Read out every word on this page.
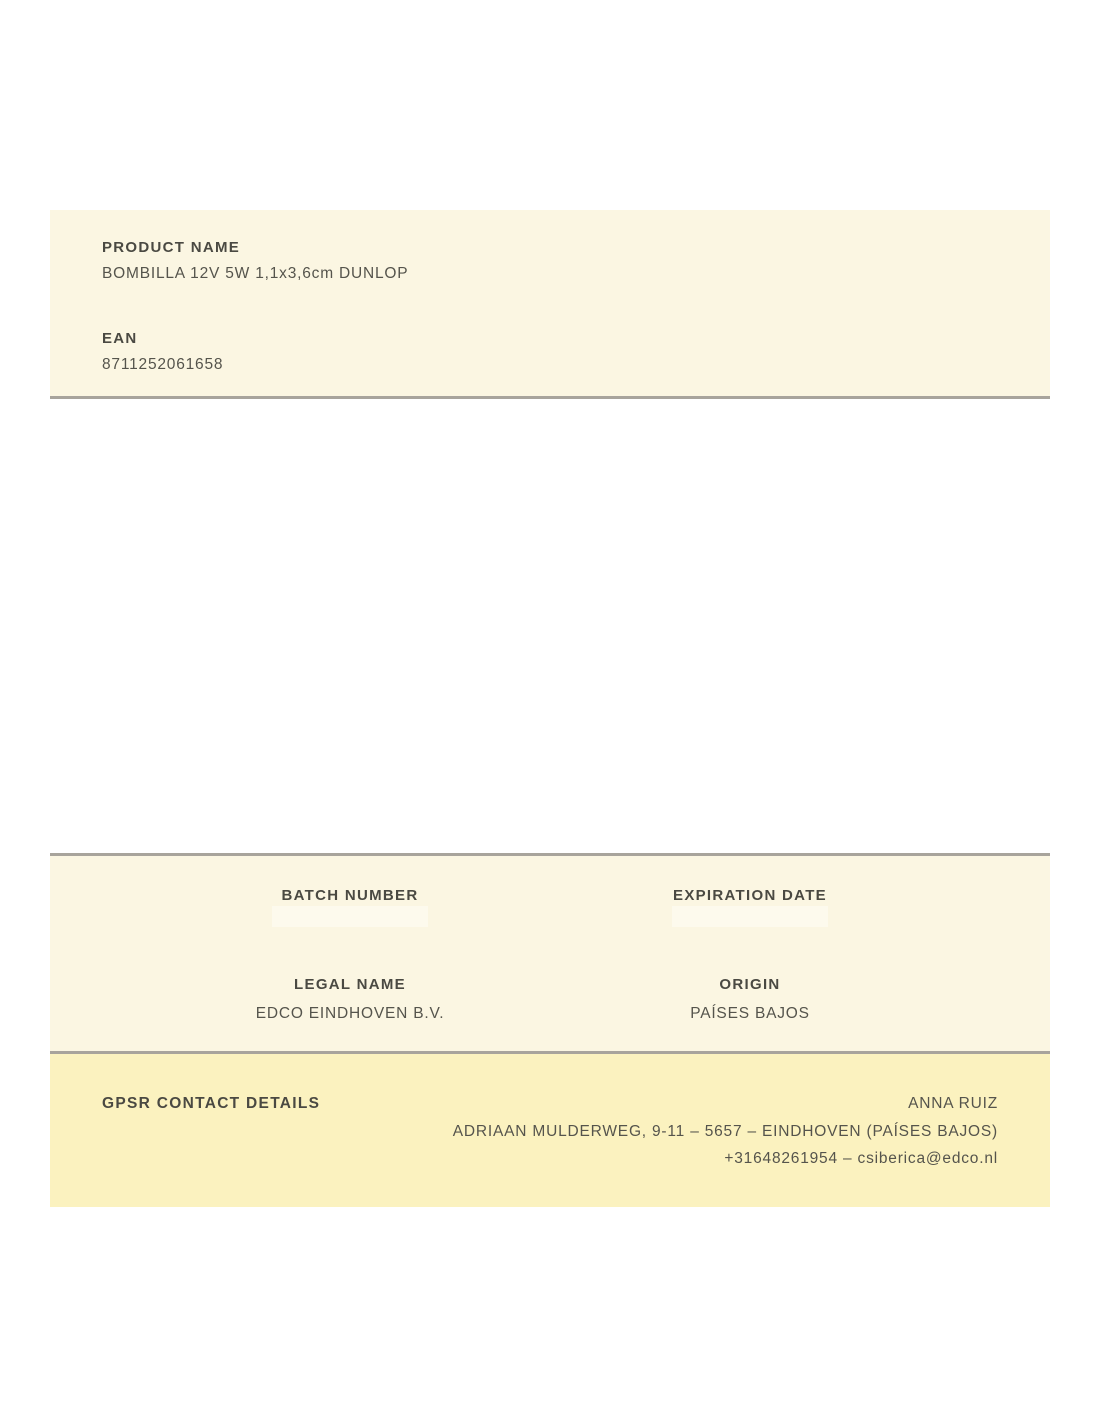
PRODUCT NAME
BOMBILLA 12V 5W 1,1x3,6cm DUNLOP
EAN
8711252061658
BATCH NUMBER	EXPIRATION DATE
LEGAL NAME
EDCO EINDHOVEN B.V.
ORIGIN
PAÍSES BAJOS
GPSR CONTACT DETAILS	ANNA RUIZ
ADRIAAN MULDERWEG, 9-11 – 5657 – EINDHOVEN (PAÍSES BAJOS)
+31648261954 – csiberica@edco.nl
